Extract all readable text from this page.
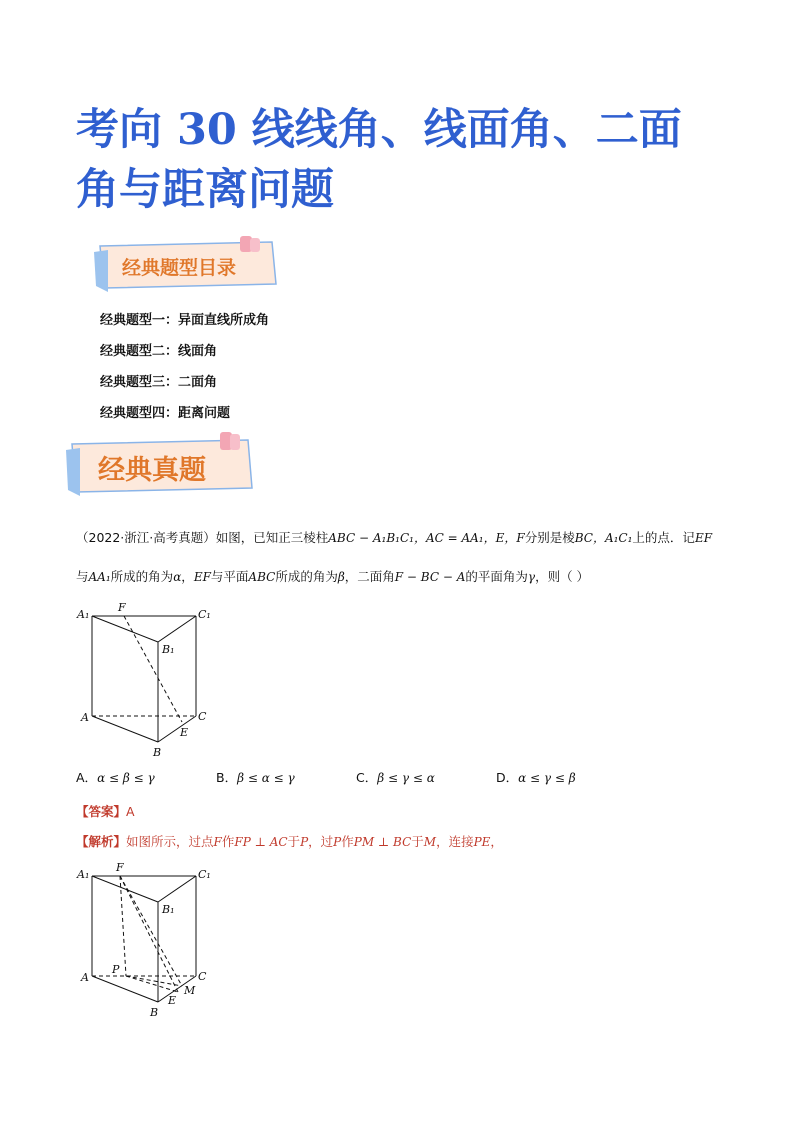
考向 30 线线角、线面角、二面
角与距离问题
经典题型目录
经典题型一：异面直线所成角
经典题型二：线面角
经典题型三：二面角
经典题型四：距离问题
经典真题
（2022·浙江·高考真题）如图，已知正三棱柱ABC − A₁B₁C₁，AC = AA₁，E，F分别是棱BC，A₁C₁上的点．记EF
与AA₁所成的角为α，EF与平面ABC所成的角为β，二面角F − BC − A的平面角为γ，则（ ）
A₁
F
C₁
B₁
A	C
E
B
A．α ≤ β ≤ γ	B．β ≤ α ≤ γ	C．β ≤ γ ≤ α	D．α ≤ γ ≤ β
【答案】A
【解析】如图所示，过点F作FP ⊥ AC于P，过P作PM ⊥ BC于M，连接PE，
A₁
F
C₁
B₁
A
P
C
M
E
B
